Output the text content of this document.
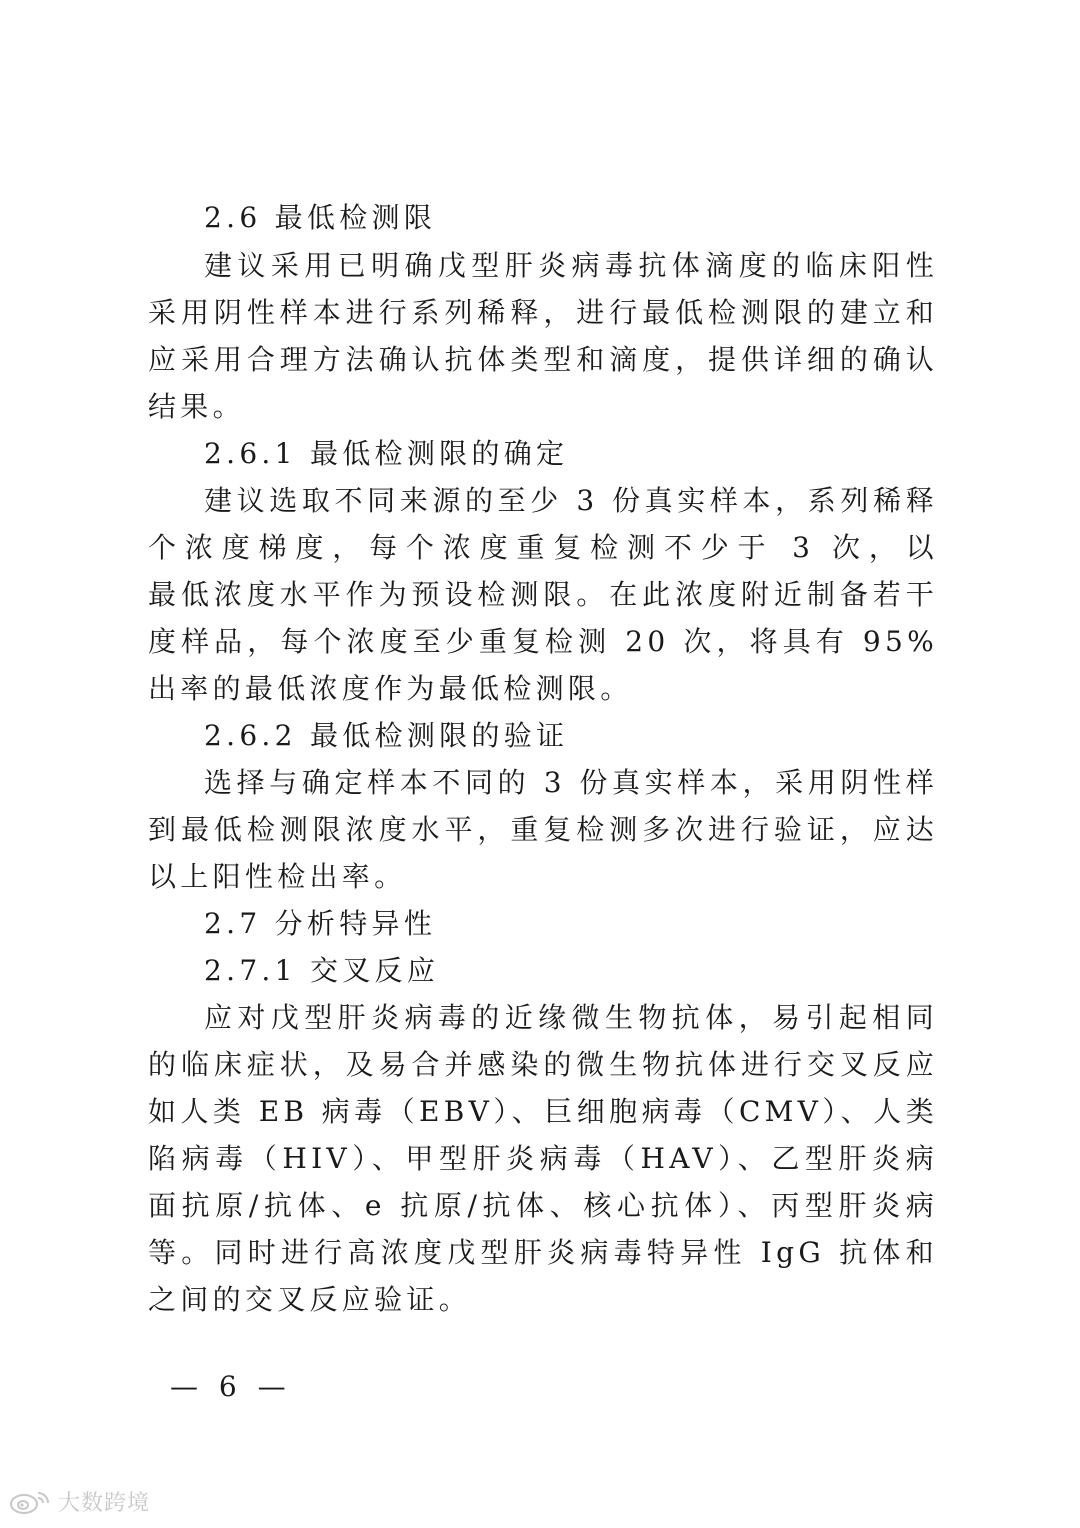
2.6 最低检测限
建议采用已明确戊型肝炎病毒抗体滴度的临床阳性
采用阴性样本进行系列稀释，进行最低检测限的建立和
应采用合理方法确认抗体类型和滴度，提供详细的确认
结果。
2.6.1 最低检测限的确定
建议选取不同来源的至少 3 份真实样本，系列稀释
个浓度梯度，每个浓度重复检测不少于 3 次，以
最低浓度水平作为预设检测限。在此浓度附近制备若干
度样品，每个浓度至少重复检测 20 次，将具有 95%
出率的最低浓度作为最低检测限。
2.6.2 最低检测限的验证
选择与确定样本不同的 3 份真实样本，采用阴性样
到最低检测限浓度水平，重复检测多次进行验证，应达
以上阳性检出率。
2.7 分析特异性
2.7.1 交叉反应
应对戊型肝炎病毒的近缘微生物抗体，易引起相同
的临床症状，及易合并感染的微生物抗体进行交叉反应
如人类 EB 病毒（EBV）、巨细胞病毒（CMV）、人类
陷病毒（HIV）、甲型肝炎病毒（HAV）、乙型肝炎病
面抗原/抗体、e 抗原/抗体、核心抗体）、丙型肝炎病
等。同时进行高浓度戊型肝炎病毒特异性 IgG 抗体和
之间的交叉反应验证。
— 6 —
大数跨境
